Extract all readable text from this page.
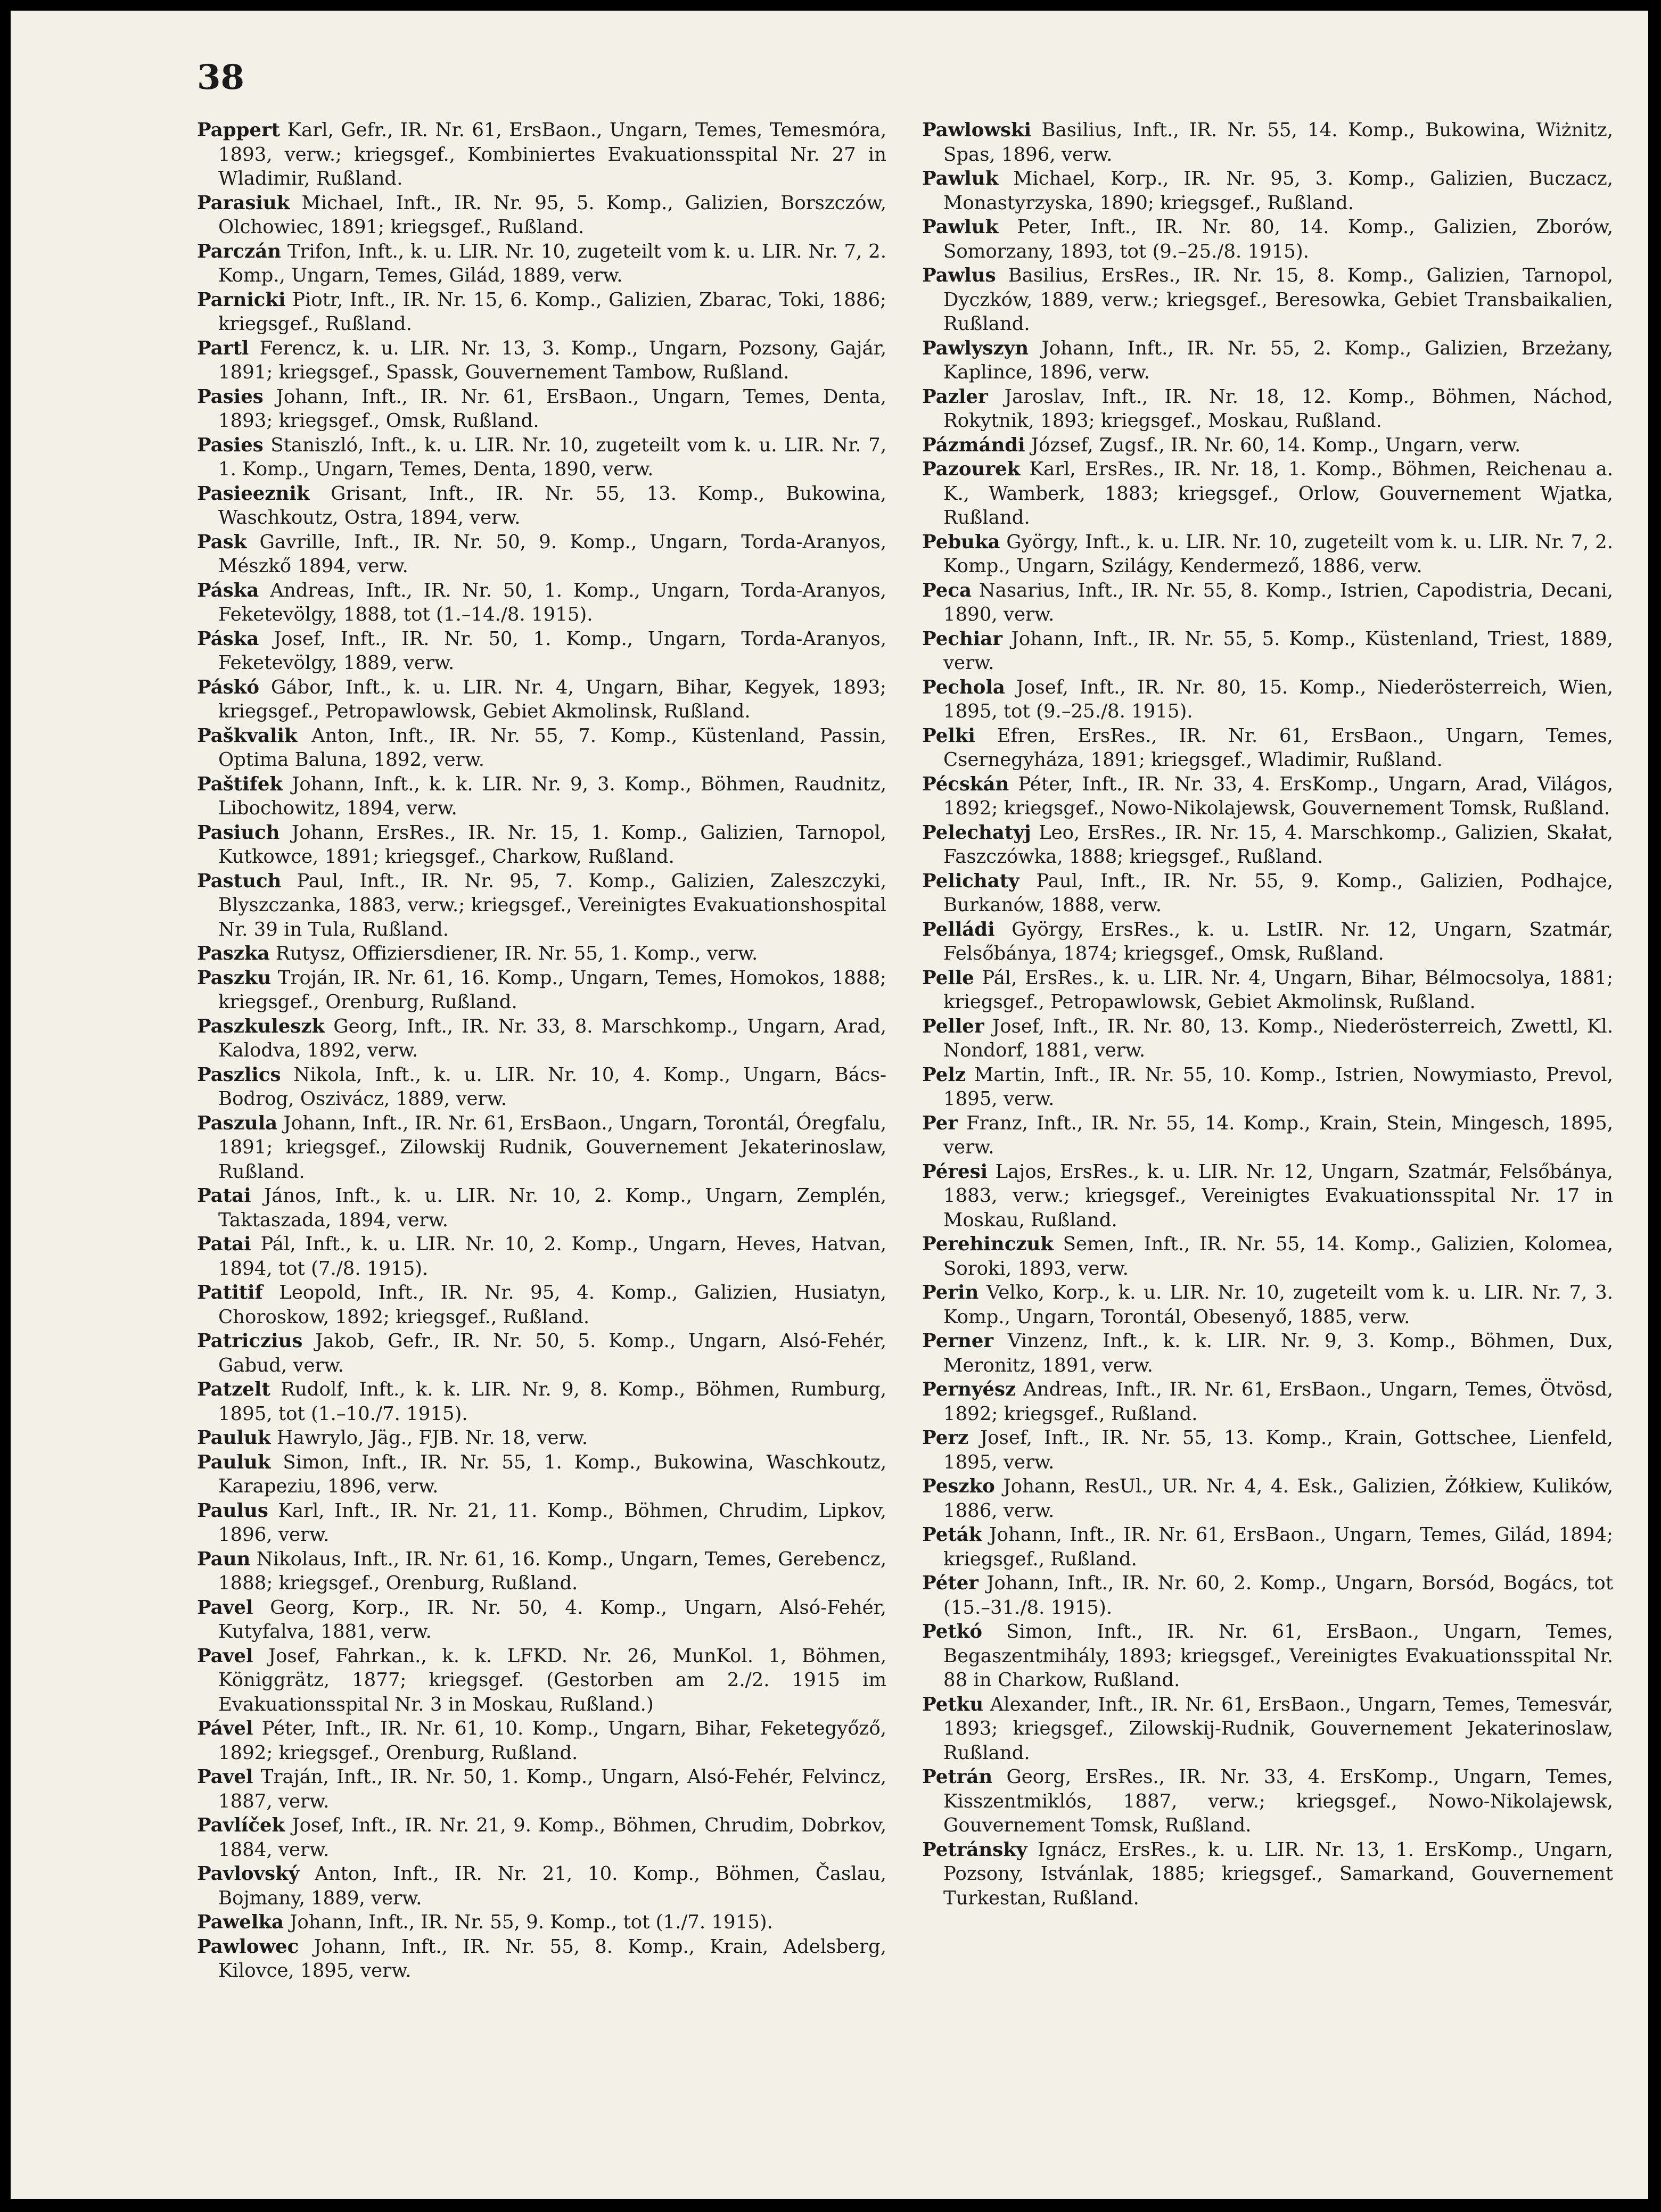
38

Pappert Karl, Gefr., IR. Nr. 61, ErsBaon., Ungarn, Temes, Temesmóra, 1893, verw.; kriegsgef., Kombiniertes Evakuationsspital Nr. 27 in Wladimir, Rußland.

Parasiuk Michael, Inft., IR. Nr. 95, 5. Komp., Galizien, Borszczów, Olchowiec, 1891; kriegsgef., Rußland.

Parczán Trifon, Inft., k. u. LIR. Nr. 10, zugeteilt vom k. u. LIR. Nr. 7, 2. Komp., Ungarn, Temes, Gilád, 1889, verw.

Parnicki Piotr, Inft., IR. Nr. 15, 6. Komp., Galizien, Zbarac, Toki, 1886; kriegsgef., Rußland.

Partl Ferencz, k. u. LIR. Nr. 13, 3. Komp., Ungarn, Pozsony, Gajár, 1891; kriegsgef., Spassk, Gouvernement Tambow, Rußland.

Pasies Johann, Inft., IR. Nr. 61, ErsBaon., Ungarn, Temes, Denta, 1893; kriegsgef., Omsk, Rußland.

Pasies Staniszló, Inft., k. u. LIR. Nr. 10, zugeteilt vom k. u. LIR. Nr. 7, 1. Komp., Ungarn, Temes, Denta, 1890, verw.

Pasieeznik Grisant, Inft., IR. Nr. 55, 13. Komp., Bukowina, Waschkoutz, Ostra, 1894, verw.

Pask Gavrille, Inft., IR. Nr. 50, 9. Komp., Ungarn, Torda-Aranyos, Mészkő 1894, verw.

Páska Andreas, Inft., IR. Nr. 50, 1. Komp., Ungarn, Torda-Aranyos, Feketevölgy, 1888, tot (1.–14./8. 1915).

Páska Josef, Inft., IR. Nr. 50, 1. Komp., Ungarn, Torda-Aranyos, Feketevölgy, 1889, verw.

Páskó Gábor, Inft., k. u. LIR. Nr. 4, Ungarn, Bihar, Kegyek, 1893; kriegsgef., Petropawlowsk, Gebiet Akmolinsk, Rußland.

Paškvalik Anton, Inft., IR. Nr. 55, 7. Komp., Küstenland, Passin, Optima Baluna, 1892, verw.

Paštifek Johann, Inft., k. k. LIR. Nr. 9, 3. Komp., Böhmen, Raudnitz, Libochowitz, 1894, verw.

Pasiuch Johann, ErsRes., IR. Nr. 15, 1. Komp., Galizien, Tarnopol, Kutkowce, 1891; kriegsgef., Charkow, Rußland.

Pastuch Paul, Inft., IR. Nr. 95, 7. Komp., Galizien, Zaleszczyki, Blyszczanka, 1883, verw.; kriegsgef., Vereinigtes Evakuationshospital Nr. 39 in Tula, Rußland.

Paszka Rutysz, Offiziersdiener, IR. Nr. 55, 1. Komp., verw.

Paszku Troján, IR. Nr. 61, 16. Komp., Ungarn, Temes, Homokos, 1888; kriegsgef., Orenburg, Rußland.

Paszkuleszk Georg, Inft., IR. Nr. 33, 8. Marschkomp., Ungarn, Arad, Kalodva, 1892, verw.

Paszlics Nikola, Inft., k. u. LIR. Nr. 10, 4. Komp., Ungarn, Bács-Bodrog, Oszivácz, 1889, verw.

Paszula Johann, Inft., IR. Nr. 61, ErsBaon., Ungarn, Torontál, Óregfalu, 1891; kriegsgef., Zilowskij Rudnik, Gouvernement Jekaterinoslaw, Rußland.

Patai János, Inft., k. u. LIR. Nr. 10, 2. Komp., Ungarn, Zemplén, Taktaszada, 1894, verw.

Patai Pál, Inft., k. u. LIR. Nr. 10, 2. Komp., Ungarn, Heves, Hatvan, 1894, tot (7./8. 1915).

Patitif Leopold, Inft., IR. Nr. 95, 4. Komp., Galizien, Husiatyn, Choroskow, 1892; kriegsgef., Rußland.

Patriczius Jakob, Gefr., IR. Nr. 50, 5. Komp., Ungarn, Alsó-Fehér, Gabud, verw.

Patzelt Rudolf, Inft., k. k. LIR. Nr. 9, 8. Komp., Böhmen, Rumburg, 1895, tot (1.–10./7. 1915).

Pauluk Hawrylo, Jäg., FJB. Nr. 18, verw.

Pauluk Simon, Inft., IR. Nr. 55, 1. Komp., Bukowina, Waschkoutz, Karapeziu, 1896, verw.

Paulus Karl, Inft., IR. Nr. 21, 11. Komp., Böhmen, Chrudim, Lipkov, 1896, verw.

Paun Nikolaus, Inft., IR. Nr. 61, 16. Komp., Ungarn, Temes, Gerebencz, 1888; kriegsgef., Orenburg, Rußland.

Pavel Georg, Korp., IR. Nr. 50, 4. Komp., Ungarn, Alsó-Fehér, Kutyfalva, 1881, verw.

Pavel Josef, Fahrkan., k. k. LFKD. Nr. 26, MunKol. 1, Böhmen, Königgrätz, 1877; kriegsgef. (Gestorben am 2./2. 1915 im Evakuationsspital Nr. 3 in Moskau, Rußland.)

Pável Péter, Inft., IR. Nr. 61, 10. Komp., Ungarn, Bihar, Feketegyőző, 1892; kriegsgef., Orenburg, Rußland.

Pavel Traján, Inft., IR. Nr. 50, 1. Komp., Ungarn, Alsó-Fehér, Felvincz, 1887, verw.

Pavlíček Josef, Inft., IR. Nr. 21, 9. Komp., Böhmen, Chrudim, Dobrkov, 1884, verw.

Pavlovský Anton, Inft., IR. Nr. 21, 10. Komp., Böhmen, Časlau, Bojmany, 1889, verw.

Pawelka Johann, Inft., IR. Nr. 55, 9. Komp., tot (1./7. 1915).

Pawlowec Johann, Inft., IR. Nr. 55, 8. Komp., Krain, Adelsberg, Kilovce, 1895, verw.

Pawlowski Basilius, Inft., IR. Nr. 55, 14. Komp., Bukowina, Wiżnitz, Spas, 1896, verw.

Pawluk Michael, Korp., IR. Nr. 95, 3. Komp., Galizien, Buczacz, Monastyrzyska, 1890; kriegsgef., Rußland.

Pawluk Peter, Inft., IR. Nr. 80, 14. Komp., Galizien, Zborów, Somorzany, 1893, tot (9.–25./8. 1915).

Pawlus Basilius, ErsRes., IR. Nr. 15, 8. Komp., Galizien, Tarnopol, Dyczków, 1889, verw.; kriegsgef., Beresowka, Gebiet Transbaikalien, Rußland.

Pawlyszyn Johann, Inft., IR. Nr. 55, 2. Komp., Galizien, Brzeżany, Kaplince, 1896, verw.

Pazler Jaroslav, Inft., IR. Nr. 18, 12. Komp., Böhmen, Náchod, Rokytnik, 1893; kriegsgef., Moskau, Rußland.

Pázmándi József, Zugsf., IR. Nr. 60, 14. Komp., Ungarn, verw.

Pazourek Karl, ErsRes., IR. Nr. 18, 1. Komp., Böhmen, Reichenau a. K., Wamberk, 1883; kriegsgef., Orlow, Gouvernement Wjatka, Rußland.

Pebuka György, Inft., k. u. LIR. Nr. 10, zugeteilt vom k. u. LIR. Nr. 7, 2. Komp., Ungarn, Szilágy, Kendermező, 1886, verw.

Peca Nasarius, Inft., IR. Nr. 55, 8. Komp., Istrien, Capodistria, Decani, 1890, verw.

Pechiar Johann, Inft., IR. Nr. 55, 5. Komp., Küstenland, Triest, 1889, verw.

Pechola Josef, Inft., IR. Nr. 80, 15. Komp., Niederösterreich, Wien, 1895, tot (9.–25./8. 1915).

Pelki Efren, ErsRes., IR. Nr. 61, ErsBaon., Ungarn, Temes, Csernegyháza, 1891; kriegsgef., Wladimir, Rußland.

Pécskán Péter, Inft., IR. Nr. 33, 4. ErsKomp., Ungarn, Arad, Világos, 1892; kriegsgef., Nowo-Nikolajewsk, Gouvernement Tomsk, Rußland.

Pelechatyj Leo, ErsRes., IR. Nr. 15, 4. Marschkomp., Galizien, Skałat, Faszczówka, 1888; kriegsgef., Rußland.

Pelichaty Paul, Inft., IR. Nr. 55, 9. Komp., Galizien, Podhajce, Burkanów, 1888, verw.

Pelládi György, ErsRes., k. u. LstIR. Nr. 12, Ungarn, Szatmár, Felsőbánya, 1874; kriegsgef., Omsk, Rußland.

Pelle Pál, ErsRes., k. u. LIR. Nr. 4, Ungarn, Bihar, Bélmocsolya, 1881; kriegsgef., Petropawlowsk, Gebiet Akmolinsk, Rußland.

Peller Josef, Inft., IR. Nr. 80, 13. Komp., Niederösterreich, Zwettl, Kl. Nondorf, 1881, verw.

Pelz Martin, Inft., IR. Nr. 55, 10. Komp., Istrien, Nowymiasto, Prevol, 1895, verw.

Per Franz, Inft., IR. Nr. 55, 14. Komp., Krain, Stein, Mingesch, 1895, verw.

Péresi Lajos, ErsRes., k. u. LIR. Nr. 12, Ungarn, Szatmár, Felsőbánya, 1883, verw.; kriegsgef., Vereinigtes Evakuationsspital Nr. 17 in Moskau, Rußland.

Perehinczuk Semen, Inft., IR. Nr. 55, 14. Komp., Galizien, Kolomea, Soroki, 1893, verw.

Perin Velko, Korp., k. u. LIR. Nr. 10, zugeteilt vom k. u. LIR. Nr. 7, 3. Komp., Ungarn, Torontál, Obesenyő, 1885, verw.

Perner Vinzenz, Inft., k. k. LIR. Nr. 9, 3. Komp., Böhmen, Dux, Meronitz, 1891, verw.

Pernyész Andreas, Inft., IR. Nr. 61, ErsBaon., Ungarn, Temes, Ötvösd, 1892; kriegsgef., Rußland.

Perz Josef, Inft., IR. Nr. 55, 13. Komp., Krain, Gottschee, Lienfeld, 1895, verw.

Peszko Johann, ResUl., UR. Nr. 4, 4. Esk., Galizien, Żółkiew, Kulików, 1886, verw.

Peták Johann, Inft., IR. Nr. 61, ErsBaon., Ungarn, Temes, Gilád, 1894; kriegsgef., Rußland.

Péter Johann, Inft., IR. Nr. 60, 2. Komp., Ungarn, Borsód, Bogács, tot (15.–31./8. 1915).

Petkó Simon, Inft., IR. Nr. 61, ErsBaon., Ungarn, Temes, Begaszentmihály, 1893; kriegsgef., Vereinigtes Evakuationsspital Nr. 88 in Charkow, Rußland.

Petku Alexander, Inft., IR. Nr. 61, ErsBaon., Ungarn, Temes, Temesvár, 1893; kriegsgef., Zilowskij-Rudnik, Gouvernement Jekaterinoslaw, Rußland.

Petrán Georg, ErsRes., IR. Nr. 33, 4. ErsKomp., Ungarn, Temes, Kisszentmiklós, 1887, verw.; kriegsgef., Nowo-Nikolajewsk, Gouvernement Tomsk, Rußland.

Petránsky Ignácz, ErsRes., k. u. LIR. Nr. 13, 1. ErsKomp., Ungarn, Pozsony, Istvánlak, 1885; kriegsgef., Samarkand, Gouvernement Turkestan, Rußland.
